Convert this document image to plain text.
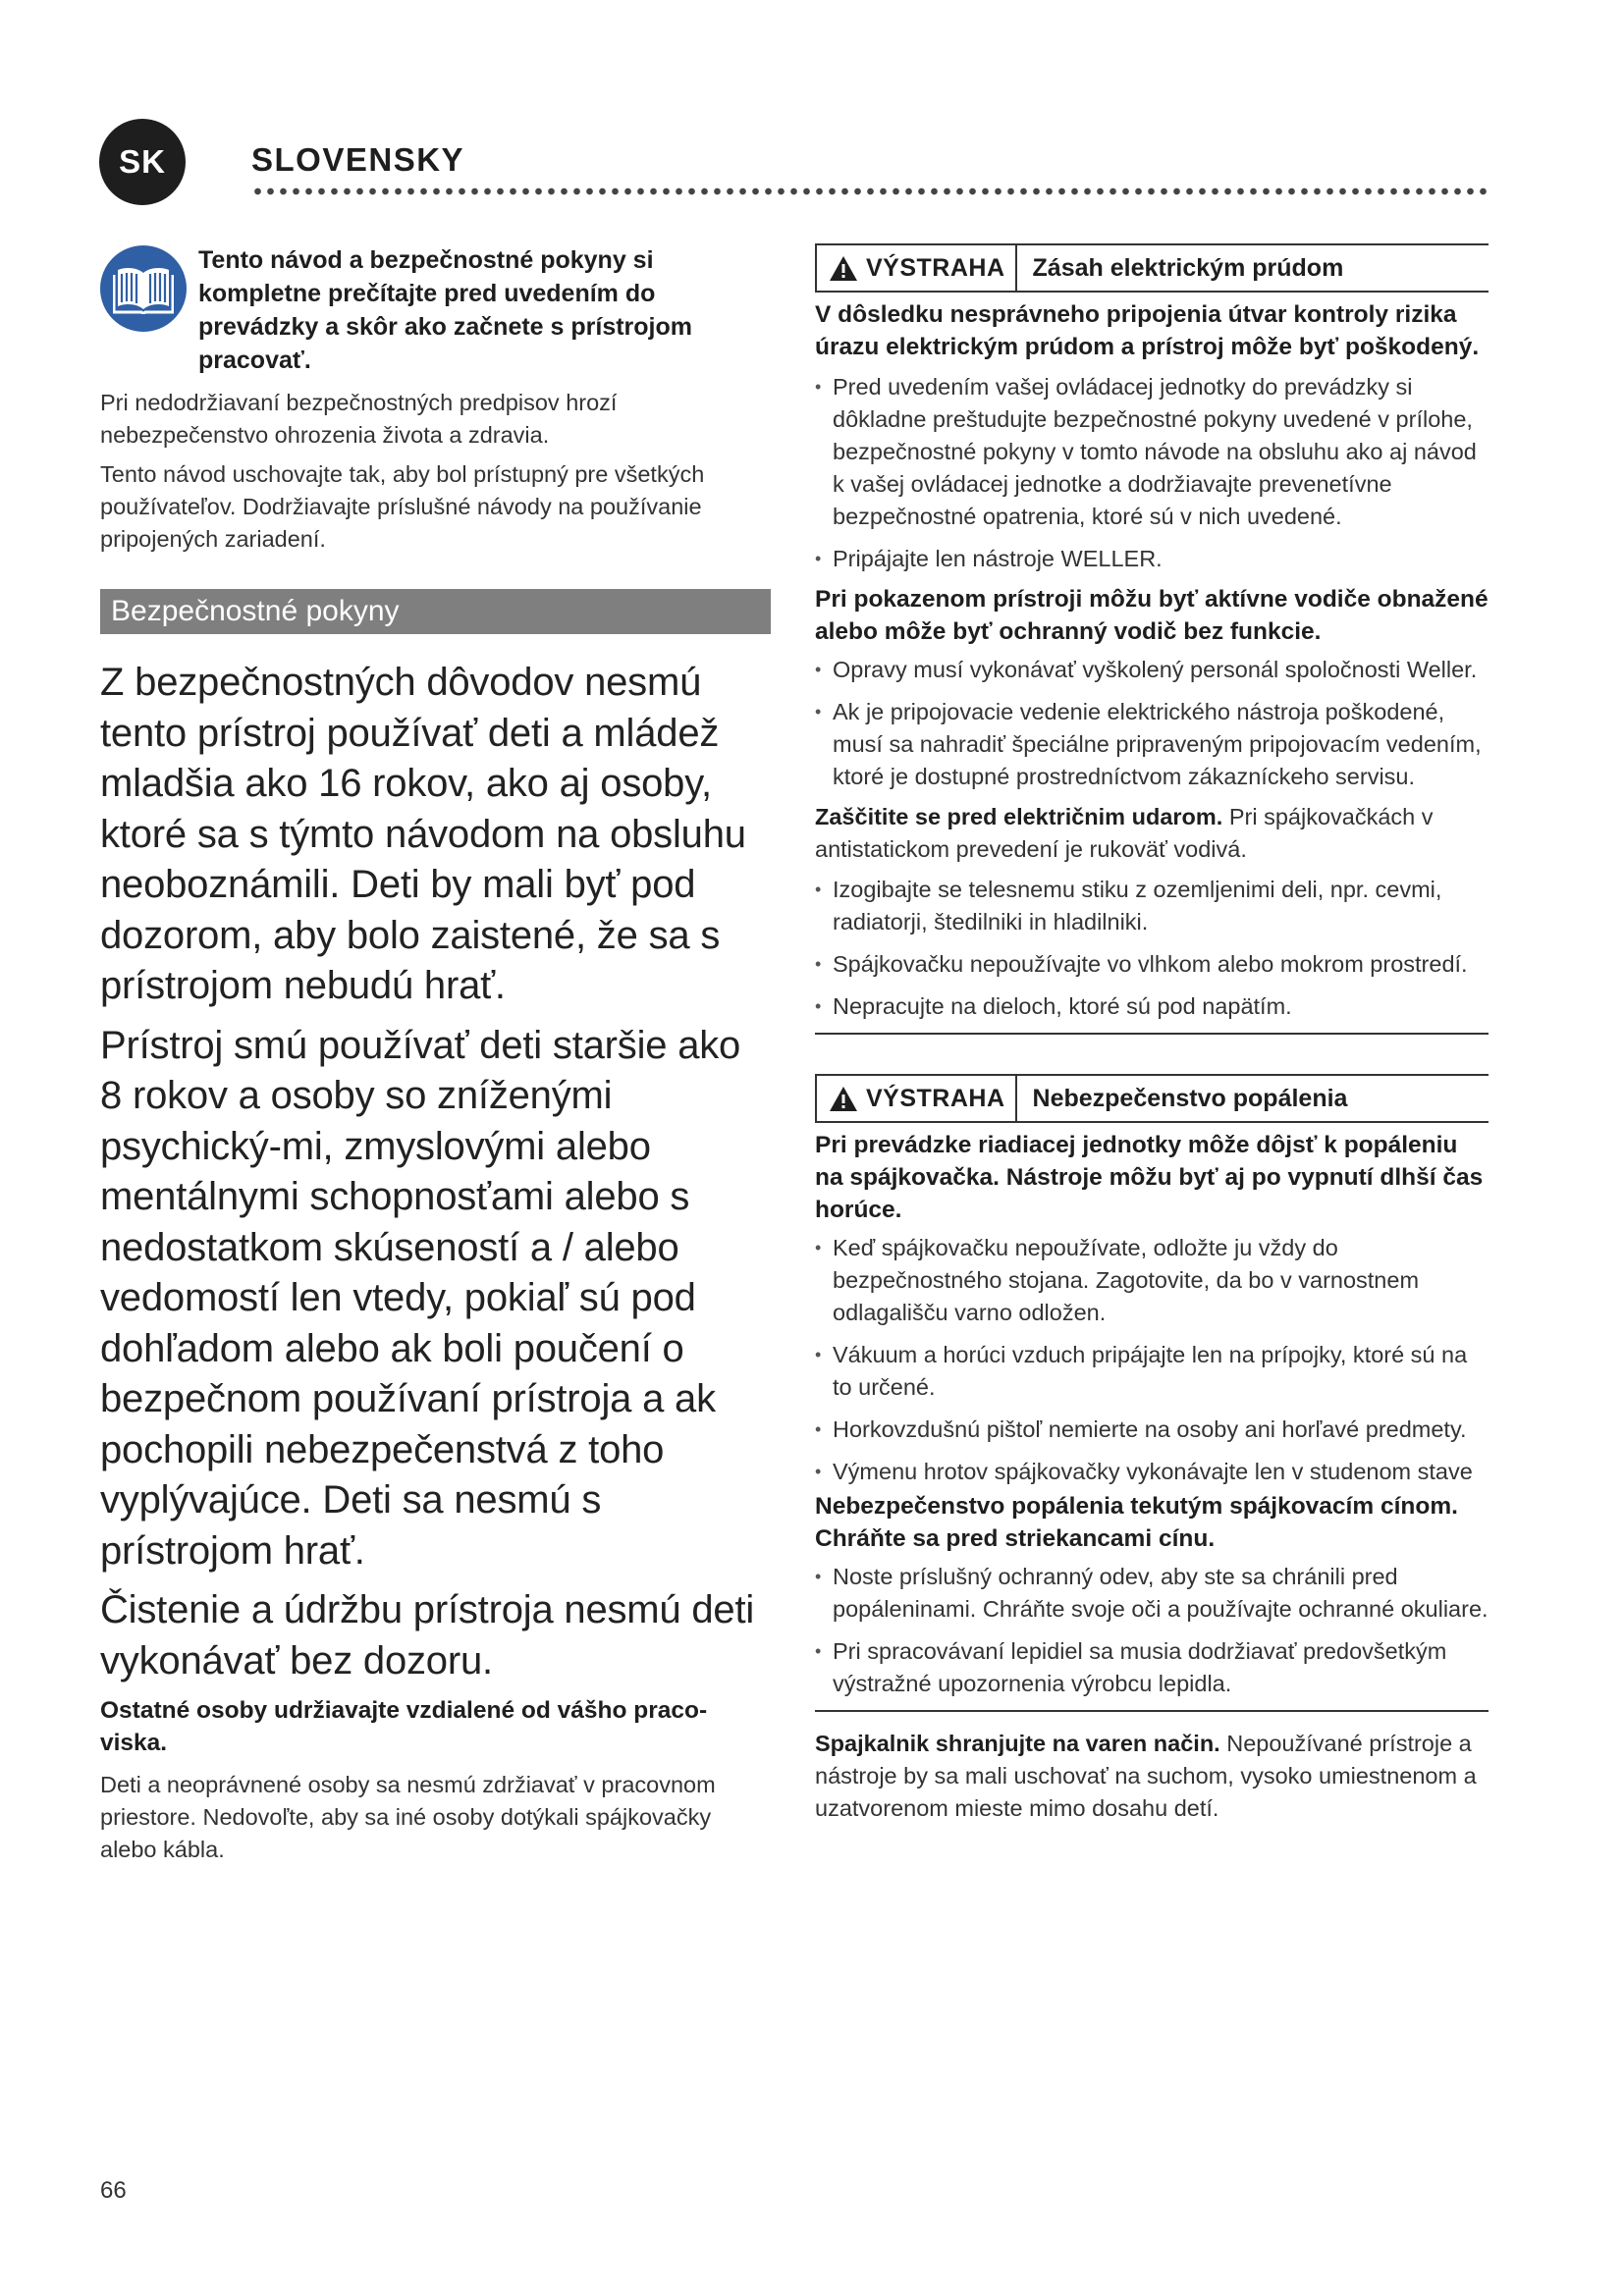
SK	SLOVENSKY
Tento návod a bezpečnostné pokyny si kompletne prečítajte pred uvedením do prevádzky a skôr ako začnete s prístrojom pracovať.

Pri nedodržiavaní bezpečnostných predpisov hrozí nebezpečenstvo ohrozenia života a zdravia.

Tento návod uschovajte tak, aby bol prístupný pre všetkých používateľov. Dodržiavajte príslušné návody na používanie pripojených zariadení.

Bezpečnostné pokyny

Z bezpečnostných dôvodov nesmú tento prístroj používať deti a mládež mladšia ako 16 rokov, ako aj osoby, ktoré sa s týmto návodom na obsluhu neoboznámili. Deti by mali byť pod dozorom, aby bolo zaistené, že sa s prístrojom nebudú hrať.

Prístroj smú používať deti staršie ako 8 rokov a osoby so zníženými psychický-mi, zmyslovými alebo mentálnymi schopnosťami alebo s nedostatkom skúseností a / alebo vedomostí len vtedy, pokiaľ sú pod dohľadom alebo ak boli poučení o bezpečnom používaní prístroja a ak pochopili nebezpečenstvá z toho vyplývajúce. Deti sa nesmú s prístrojom hrať.

Čistenie a údržbu prístroja nesmú deti vykonávať bez dozoru.

Ostatné osoby udržiavajte vzdialené od vášho praco-viska.

Deti a neoprávnené osoby sa nesmú zdržiavať v pracovnom priestore. Nedovoľte, aby sa iné osoby dotýkali spájkovačky alebo kábla.

VÝSTRAHA	Zásah elektrickým prúdom

V dôsledku nesprávneho pripojenia útvar kontroly rizika úrazu elektrickým prúdom a prístroj môže byť poškodený.

• Pred uvedením vašej ovládacej jednotky do prevádzky si dôkladne preštudujte bezpečnostné pokyny uvedené v prílohe, bezpečnostné pokyny v tomto návode na obsluhu ako aj návod k vašej ovládacej jednotke a dodržiavajte prevenetívne bezpečnostné opatrenia, ktoré sú v nich uvedené.
• Pripájajte len nástroje WELLER.

Pri pokazenom prístroji môžu byť aktívne vodiče obnažené alebo môže byť ochranný vodič bez funkcie.

• Opravy musí vykonávať vyškolený personál spoločnosti Weller.
• Ak je pripojovacie vedenie elektrického nástroja poškodené, musí sa nahradiť špeciálne pripraveným pripojovacím vedením, ktoré je dostupné prostredníctvom zákazníckeho servisu.

Zaščitite se pred električnim udarom. Pri spájkovačkách v antistatickom prevedení je rukoväť vodivá.

• Izogibajte se telesnemu stiku z ozemljenimi deli, npr. cevmi, radiatorji, štedilniki in hladilniki.
• Spájkovačku nepoužívajte vo vlhkom alebo mokrom prostredí.
• Nepracujte na dieloch, ktoré sú pod napätím.
VÝSTRAHA	Nebezpečenstvo popálenia

Pri prevádzke riadiacej jednotky môže dôjsť k popáleniu na spájkovačka. Nástroje môžu byť aj po vypnutí dlhší čas horúce.

• Keď spájkovačku nepoužívate, odložte ju vždy do bezpečnostného stojana. Zagotovite, da bo v varnostnem odlagališču varno odložen.
• Vákuum a horúci vzduch pripájajte len na prípojky, ktoré sú na to určené.
• Horkovzdušnú pištoľ nemierte na osoby ani horľavé predmety.
• Výmenu hrotov spájkovačky vykonávajte len v studenom stave

Nebezpečenstvo popálenia tekutým spájkovacím cínom. Chráňte sa pred striekancami cínu.

• Noste príslušný ochranný odev, aby ste sa chránili pred popáleninami. Chráňte svoje oči a používajte ochranné okuliare.
• Pri spracovávaní lepidiel sa musia dodržiavať predovšetkým výstražné upozornenia výrobcu lepidla.

Spajkalnik shranjujte na varen način. Nepoužívané prístroje a nástroje by sa mali uschovať na suchom, vysoko umiestnenom a uzatvorenom mieste mimo dosahu detí.

66
